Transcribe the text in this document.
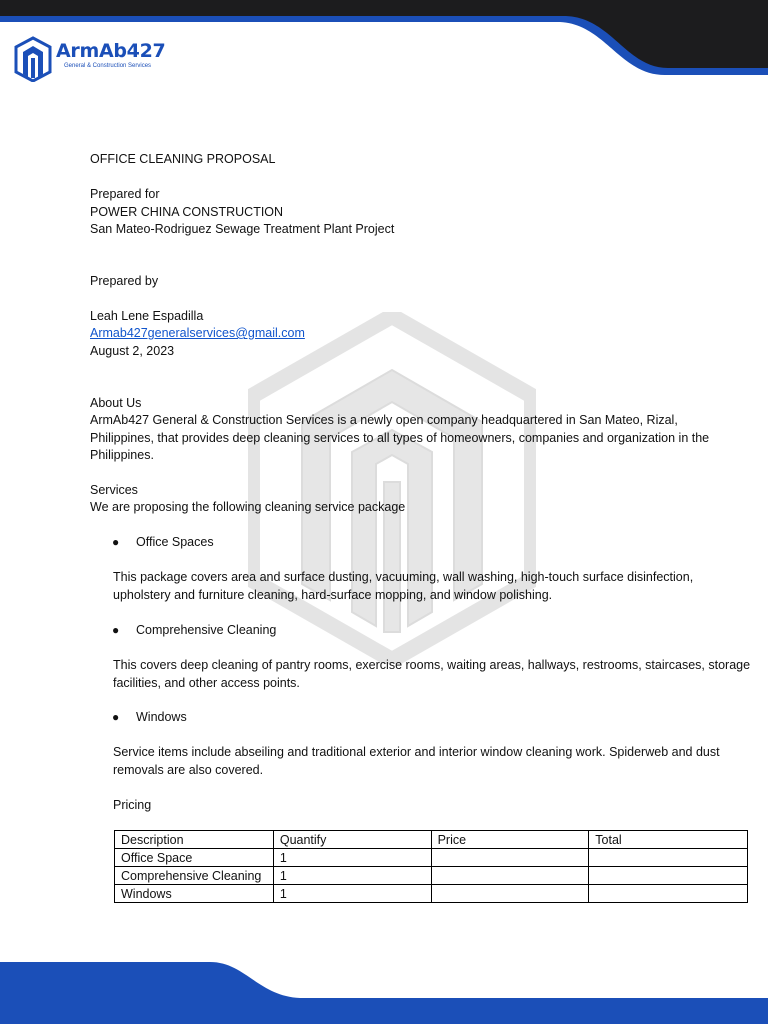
ArmAb427
General & Construction Services
OFFICE CLEANING PROPOSAL
Prepared for
POWER CHINA CONSTRUCTION
San Mateo-Rodriguez Sewage Treatment Plant Project
Prepared by
Leah Lene Espadilla
Armab427generalservices@gmail.com
August 2, 2023
About Us
ArmAb427 General & Construction Services is a newly open company headquartered in San Mateo, Rizal, Philippines, that provides deep cleaning services to all types of homeowners, companies and organization in the Philippines.
Services
We are proposing the following cleaning service package
● Office Spaces
This package covers area and surface dusting, vacuuming, wall washing, high-touch surface disinfection, upholstery and furniture cleaning, hard-surface mopping, and window polishing.
● Comprehensive Cleaning
This covers deep cleaning of pantry rooms, exercise rooms, waiting areas, hallways, restrooms, staircases, storage facilities, and other access points.
● Windows
Service items include abseiling and traditional exterior and interior window cleaning work. Spiderweb and dust removals are also covered.
Pricing
Description	Quantify	Price	Total
Office Space	1		
Comprehensive Cleaning	1		
Windows	1		
